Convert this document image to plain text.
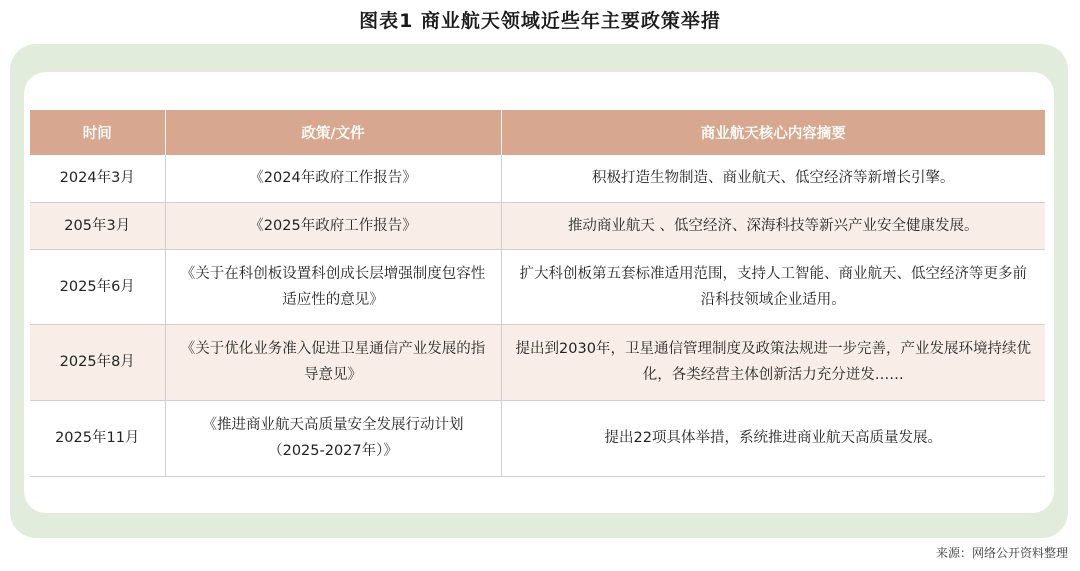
图表1 商业航天领域近些年主要政策举措
时间	政策/文件	商业航天核心内容摘要
2024年3月	《2024年政府工作报告》	积极打造生物制造、商业航天、低空经济等新增长引擎。
205年3月	《2025年政府工作报告》	推动商业航天 、低空经济、深海科技等新兴产业安全健康发展。
2025年6月	《关于在科创板设置科创成长层增强制度包容性适应性的意见》	扩大科创板第五套标准适用范围，支持人工智能、商业航天、低空经济等更多前沿科技领域企业适用。
2025年8月	《关于优化业务准入促进卫星通信产业发展的指导意见》	提出到2030年，卫星通信管理制度及政策法规进一步完善，产业发展环境持续优化，各类经营主体创新活力充分迸发……
2025年11月	《推进商业航天高质量安全发展行动计划（2025-2027年）》	提出22项具体举措，系统推进商业航天高质量发展。
来源：网络公开资料整理
